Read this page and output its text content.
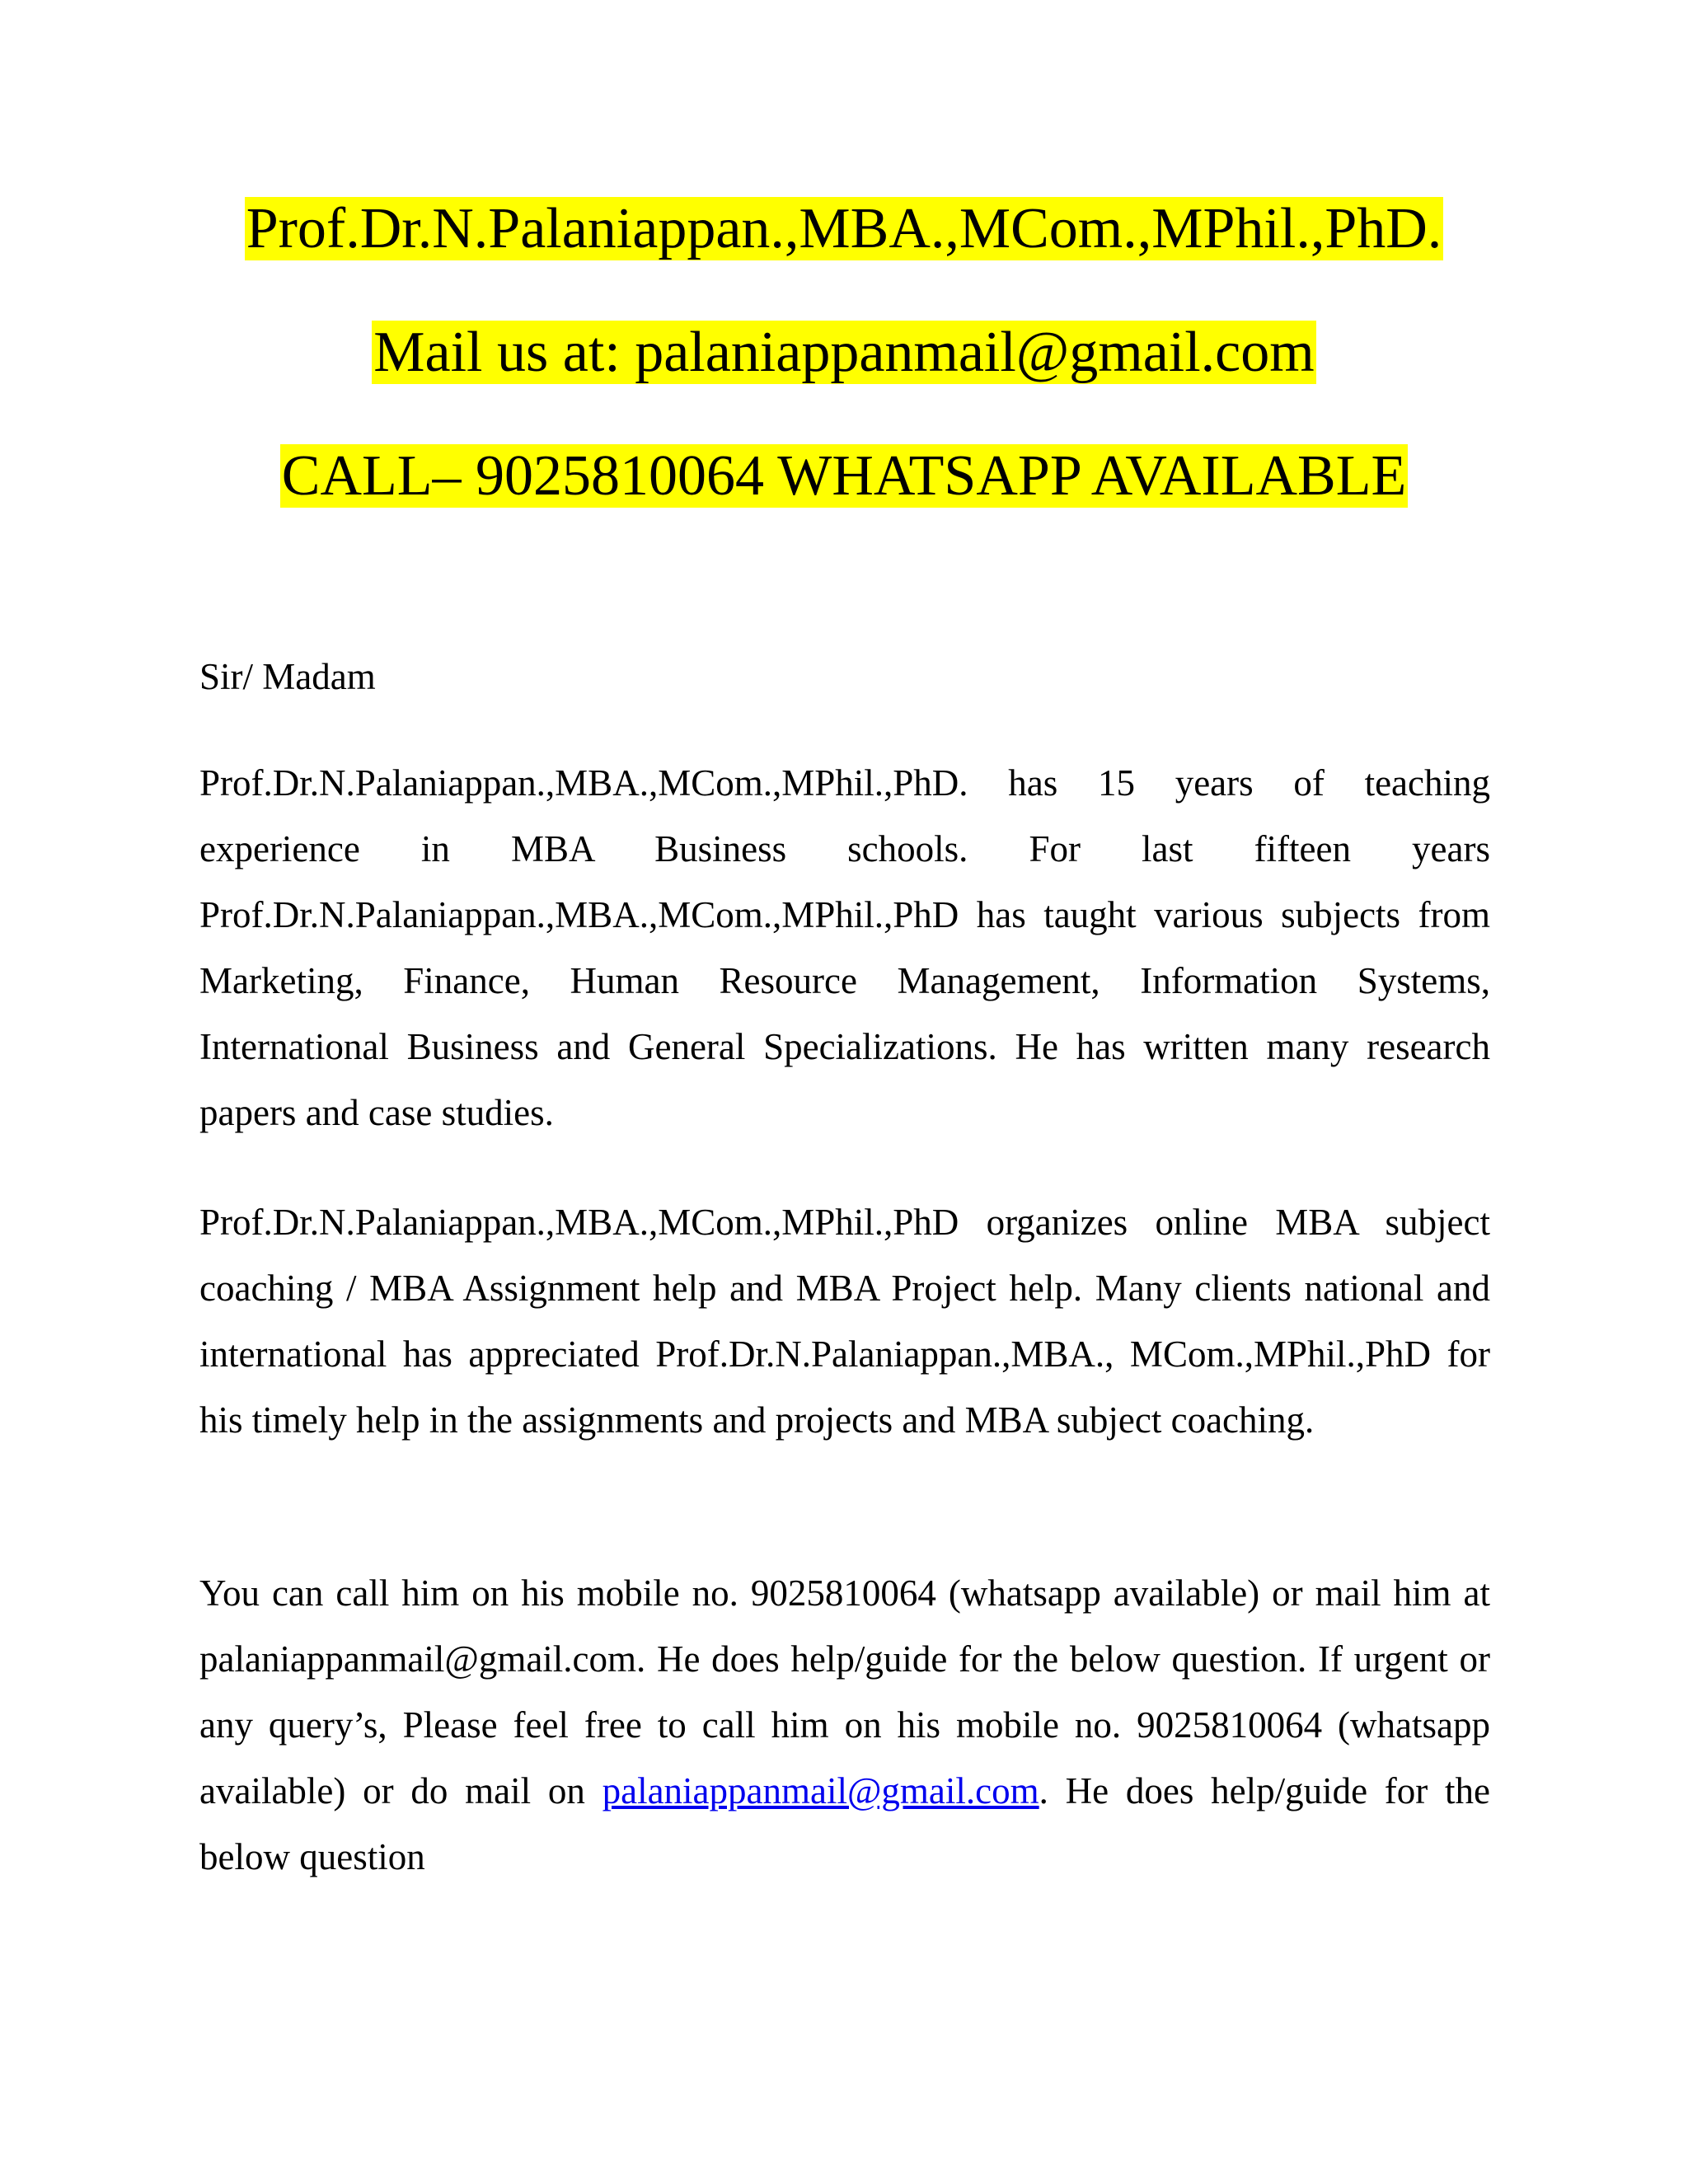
Prof.Dr.N.Palaniappan.,MBA.,MCom.,MPhil.,PhD.
Mail us at: palaniappanmail@gmail.com
CALL– 9025810064 WHATSAPP AVAILABLE
Sir/ Madam
Prof.Dr.N.Palaniappan.,MBA.,MCom.,MPhil.,PhD. has 15 years of teaching experience in MBA Business schools. For last fifteen years Prof.Dr.N.Palaniappan.,MBA.,MCom.,MPhil.,PhD has taught various subjects from Marketing, Finance, Human Resource Management, Information Systems, International Business and General Specializations. He has written many research papers and case studies.
Prof.Dr.N.Palaniappan.,MBA.,MCom.,MPhil.,PhD organizes online MBA subject coaching / MBA Assignment help and MBA Project help. Many clients national and international has appreciated Prof.Dr.N.Palaniappan.,MBA., MCom.,MPhil.,PhD for his timely help in the assignments and projects and MBA subject coaching.
You can call him on his mobile no. 9025810064 (whatsapp available) or mail him at palaniappanmail@gmail.com. He does help/guide for the below question. If urgent or any query’s, Please feel free to call him on his mobile no. 9025810064 (whatsapp available) or do mail on palaniappanmail@gmail.com. He does help/guide for the below question
